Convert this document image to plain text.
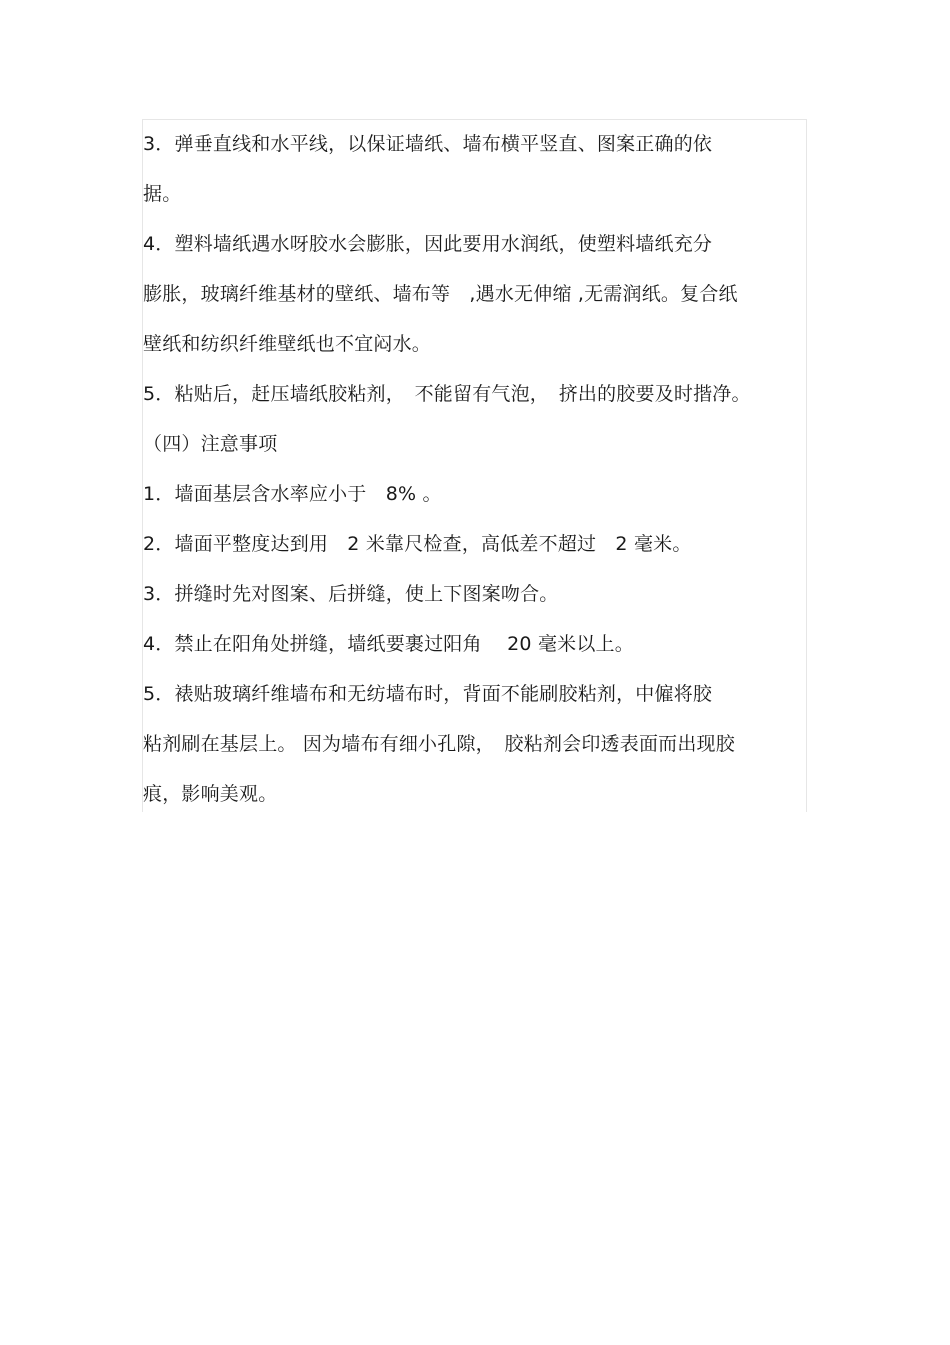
3．弹垂直线和水平线，以保证墙纸、墙布横平竖直、图案正确的依

据。

4．塑料墙纸遇水呀胶水会膨胀，因此要用水润纸，使塑料墙纸充分

膨胀，玻璃纤维基材的壁纸、墙布等　,遇水无伸缩 ,无需润纸。复合纸

壁纸和纺织纤维壁纸也不宜闷水。

5．粘贴后，赶压墙纸胶粘剂，　不能留有气泡，　挤出的胶要及时揩净。

（四）注意事项

1．墙面基层含水率应小于　8% 。

2．墙面平整度达到用　2 米靠尺检查，高低差不超过　2 毫米。

3．拼缝时先对图案、后拼缝，使上下图案吻合。

4．禁止在阳角处拼缝，墙纸要裹过阳角　 20 毫米以上。

5．裱贴玻璃纤维墙布和无纺墙布时，背面不能刷胶粘剂，中僱将胶

粘剂刷在基层上。 因为墙布有细小孔隙，　胶粘剂会印透表面而出现胶

痕，影响美观。
